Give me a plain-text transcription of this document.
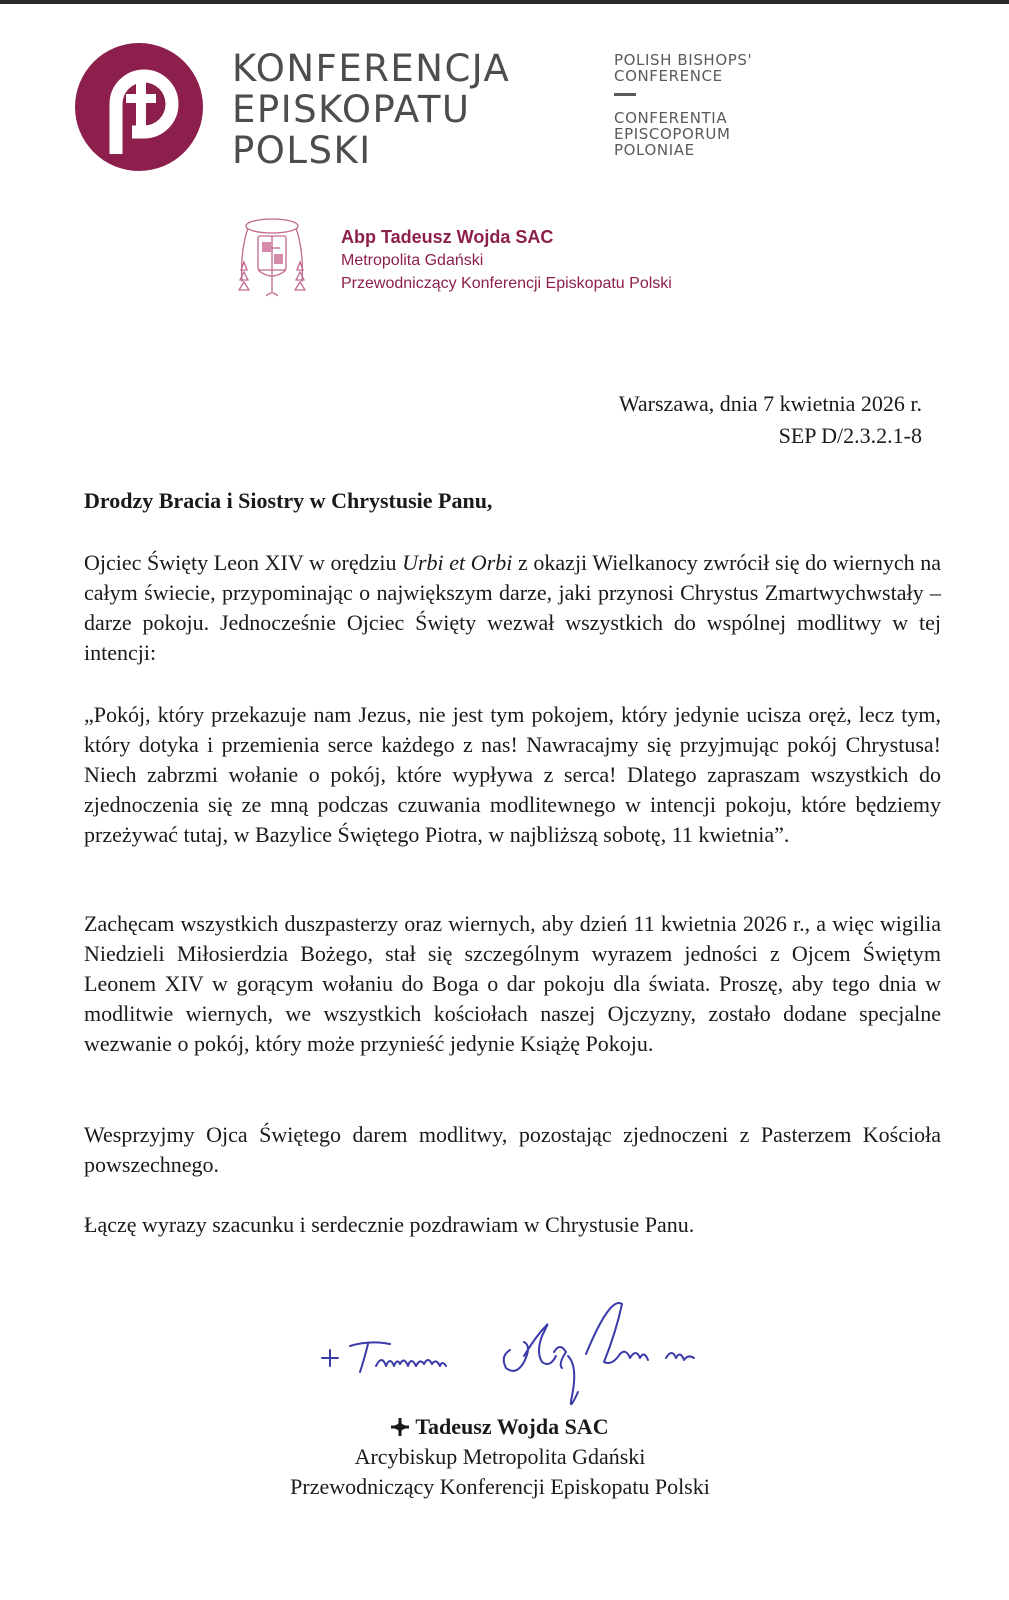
KONFERENCJA
EPISKOPATU
POLSKI
POLISH BISHOPS'
CONFERENCE
CONFERENTIA
EPISCOPORUM
POLONIAE
Abp Tadeusz Wojda SAC
Metropolita Gdański
Przewodniczący Konferencji Episkopatu Polski
Warszawa, dnia 7 kwietnia 2026 r.
SEP D/2.3.2.1-8
Drodzy Bracia i Siostry w Chrystusie Panu,

Ojciec Święty Leon XIV w orędziu Urbi et Orbi z okazji Wielkanocy zwrócił się do wiernych na całym świecie, przypominając o największym darze, jaki przynosi Chrystus Zmartwychwstały – darze pokoju. Jednocześnie Ojciec Święty wezwał wszystkich do wspólnej modlitwy w tej intencji:

„Pokój, który przekazuje nam Jezus, nie jest tym pokojem, który jedynie ucisza oręż, lecz tym, który dotyka i przemienia serce każdego z nas! Nawracajmy się przyjmując pokój Chrystusa! Niech zabrzmi wołanie o pokój, które wypływa z serca! Dlatego zapraszam wszystkich do zjednoczenia się ze mną podczas czuwania modlitewnego w intencji pokoju, które będziemy przeżywać tutaj, w Bazylice Świętego Piotra, w najbliższą sobotę, 11 kwietnia”.

Zachęcam wszystkich duszpasterzy oraz wiernych, aby dzień 11 kwietnia 2026 r., a więc wigilia Niedzieli Miłosierdzia Bożego, stał się szczególnym wyrazem jedności z Ojcem Świętym Leonem XIV w gorącym wołaniu do Boga o dar pokoju dla świata. Proszę, aby tego dnia w modlitwie wiernych, we wszystkich kościołach naszej Ojczyzny, zostało dodane specjalne wezwanie o pokój, który może przynieść jedynie Książę Pokoju.

Wesprzyjmy Ojca Świętego darem modlitwy, pozostając zjednoczeni z Pasterzem Kościoła powszechnego.

Łączę wyrazy szacunku i serdecznie pozdrawiam w Chrystusie Panu.

Tadeusz Wojda SAC
Arcybiskup Metropolita Gdański
Przewodniczący Konferencji Episkopatu Polski
